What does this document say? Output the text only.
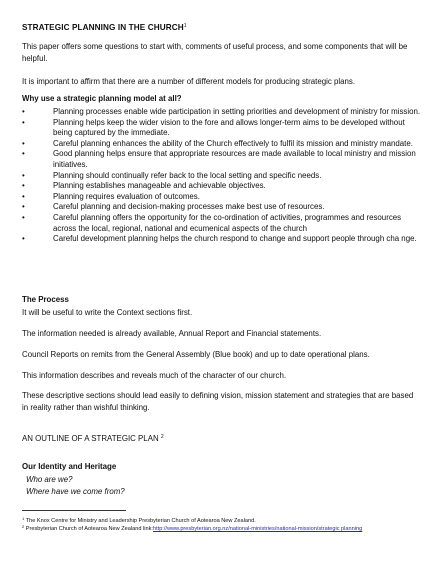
STRATEGIC PLANNING IN THE CHURCH$^1$
This paper offers some questions to start with, comments of useful process, and some components that will be helpful.
It is important to affirm that there are a number of different models for producing strategic plans.
Why use a strategic planning model at all?
•	Planning processes enable wide participation in setting priorities and development of ministry for mission.
•	Planning helps keep the wider vision to the fore and allows longer-term aims to be developed without being captured by the immediate.
•	Careful planning enhances the ability of the Church effectively to fulfil its mission and ministry mandate.
•	Good planning helps ensure that appropriate resources are made available to local ministry and mission initiatives.
•	Planning should continually refer back to the local setting and specific needs.
•	Planning establishes manageable and achievable objectives.
•	Planning requires evaluation of outcomes.
•	Careful planning and decision-making processes make best use of resources.
•	Careful planning offers the opportunity for the co-ordination of activities, programmes and resources across the local, regional, national and ecumenical aspects of the church
•	Careful development planning helps the church respond to change and support people through cha nge.
The Process
It will be useful to write the Context sections first.
The information needed is already available, Annual Report and Financial statements.
Council Reports on remits from the General Assembly (Blue book) and up to date operational plans.
This information describes and reveals much of the character of our church.
These descriptive sections should lead easily to defining vision, mission statement and strategies that are based in reality rather than wishful thinking.
AN OUTLINE OF A STRATEGIC PLAN $^2$
Our Identity and Heritage
Who are we?
Where have we come from?
$^1$ The Knox Centre for Ministry and Leadership Presbyterian Church of Aotearoa New Zealand.
$^2$ Presbyterian Church of Aotearoa New Zealand link:http://www.presbyterian.org.nz/national-ministries/national-mission/strategic planning
